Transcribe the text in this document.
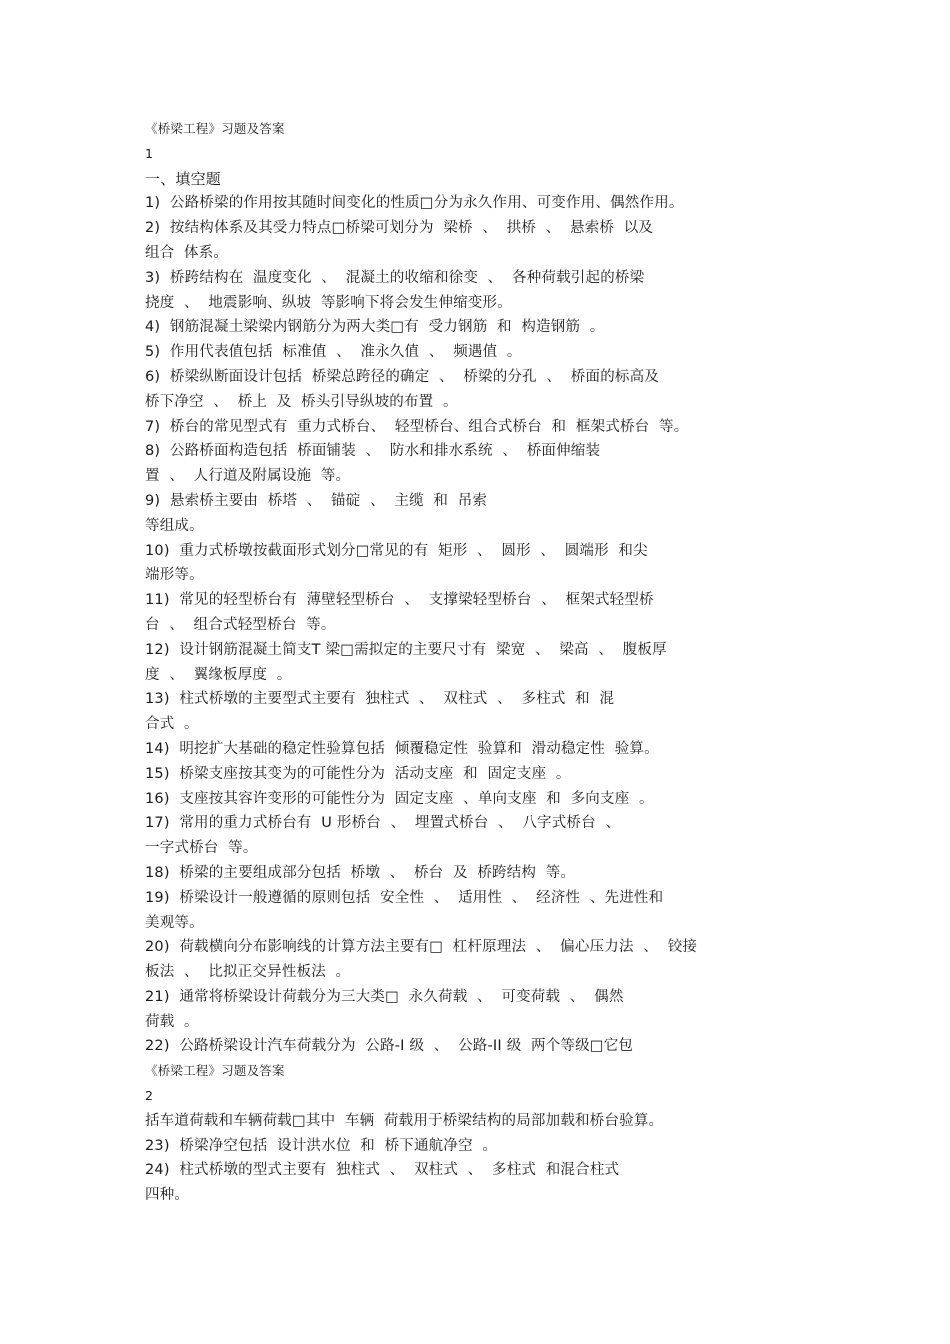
《桥梁工程》习题及答案
1
一、填空题
1)  公路桥梁的作用按其随时间变化的性质□分为永久作用、可变作用、偶然作用。
2)  按结构体系及其受力特点□桥梁可划分为  梁桥  、  拱桥  、  悬索桥  以及
组合  体系。
3)  桥跨结构在  温度变化  、  混凝土的收缩和徐变  、  各种荷载引起的桥梁
挠度  、  地震影响、纵坡  等影响下将会发生伸缩变形。
4)  钢筋混凝土梁梁内钢筋分为两大类□有  受力钢筋  和  构造钢筋  。
5)  作用代表值包括  标准值  、  准永久值  、  频遇值  。
6)  桥梁纵断面设计包括  桥梁总跨径的确定  、  桥梁的分孔  、  桥面的标高及
桥下净空  、  桥上  及  桥头引导纵坡的布置  。
7)  桥台的常见型式有  重力式桥台、  轻型桥台、组合式桥台  和  框架式桥台  等。
8)  公路桥面构造包括  桥面铺装  、  防水和排水系统  、  桥面伸缩装
置  、  人行道及附属设施  等。
9)  悬索桥主要由  桥塔  、  锚碇  、  主缆  和  吊索
等组成。
10)  重力式桥墩按截面形式划分□常见的有  矩形  、  圆形  、  圆端形  和尖
端形等。
11)  常见的轻型桥台有  薄壁轻型桥台  、  支撑梁轻型桥台  、  框架式轻型桥
台  、  组合式轻型桥台  等。
12)  设计钢筋混凝土简支T 梁□需拟定的主要尺寸有  梁宽  、  梁高  、  腹板厚
度  、  翼缘板厚度  。
13)  柱式桥墩的主要型式主要有  独柱式  、  双柱式  、  多柱式  和  混
合式  。
14)  明挖扩大基础的稳定性验算包括  倾覆稳定性  验算和  滑动稳定性  验算。
15)  桥梁支座按其变为的可能性分为  活动支座  和  固定支座  。
16)  支座按其容许变形的可能性分为  固定支座  、单向支座  和  多向支座  。
17)  常用的重力式桥台有  U 形桥台  、  埋置式桥台  、  八字式桥台  、
一字式桥台  等。
18)  桥梁的主要组成部分包括  桥墩  、  桥台  及  桥跨结构  等。
19)  桥梁设计一般遵循的原则包括  安全性  、  适用性  、  经济性  、先进性和
美观等。
20)  荷载横向分布影响线的计算方法主要有□  杠杆原理法  、  偏心压力法  、  铰接
板法  、  比拟正交异性板法  。
21)  通常将桥梁设计荷载分为三大类□  永久荷载  、  可变荷载  、  偶然
荷载  。
22)  公路桥梁设计汽车荷载分为  公路-I 级  、  公路-II 级  两个等级□它包
《桥梁工程》习题及答案
2
括车道荷载和车辆荷载□其中  车辆  荷载用于桥梁结构的局部加载和桥台验算。
23)  桥梁净空包括  设计洪水位  和  桥下通航净空  。
24)  柱式桥墩的型式主要有  独柱式  、  双柱式  、  多柱式  和混合柱式
四种。
